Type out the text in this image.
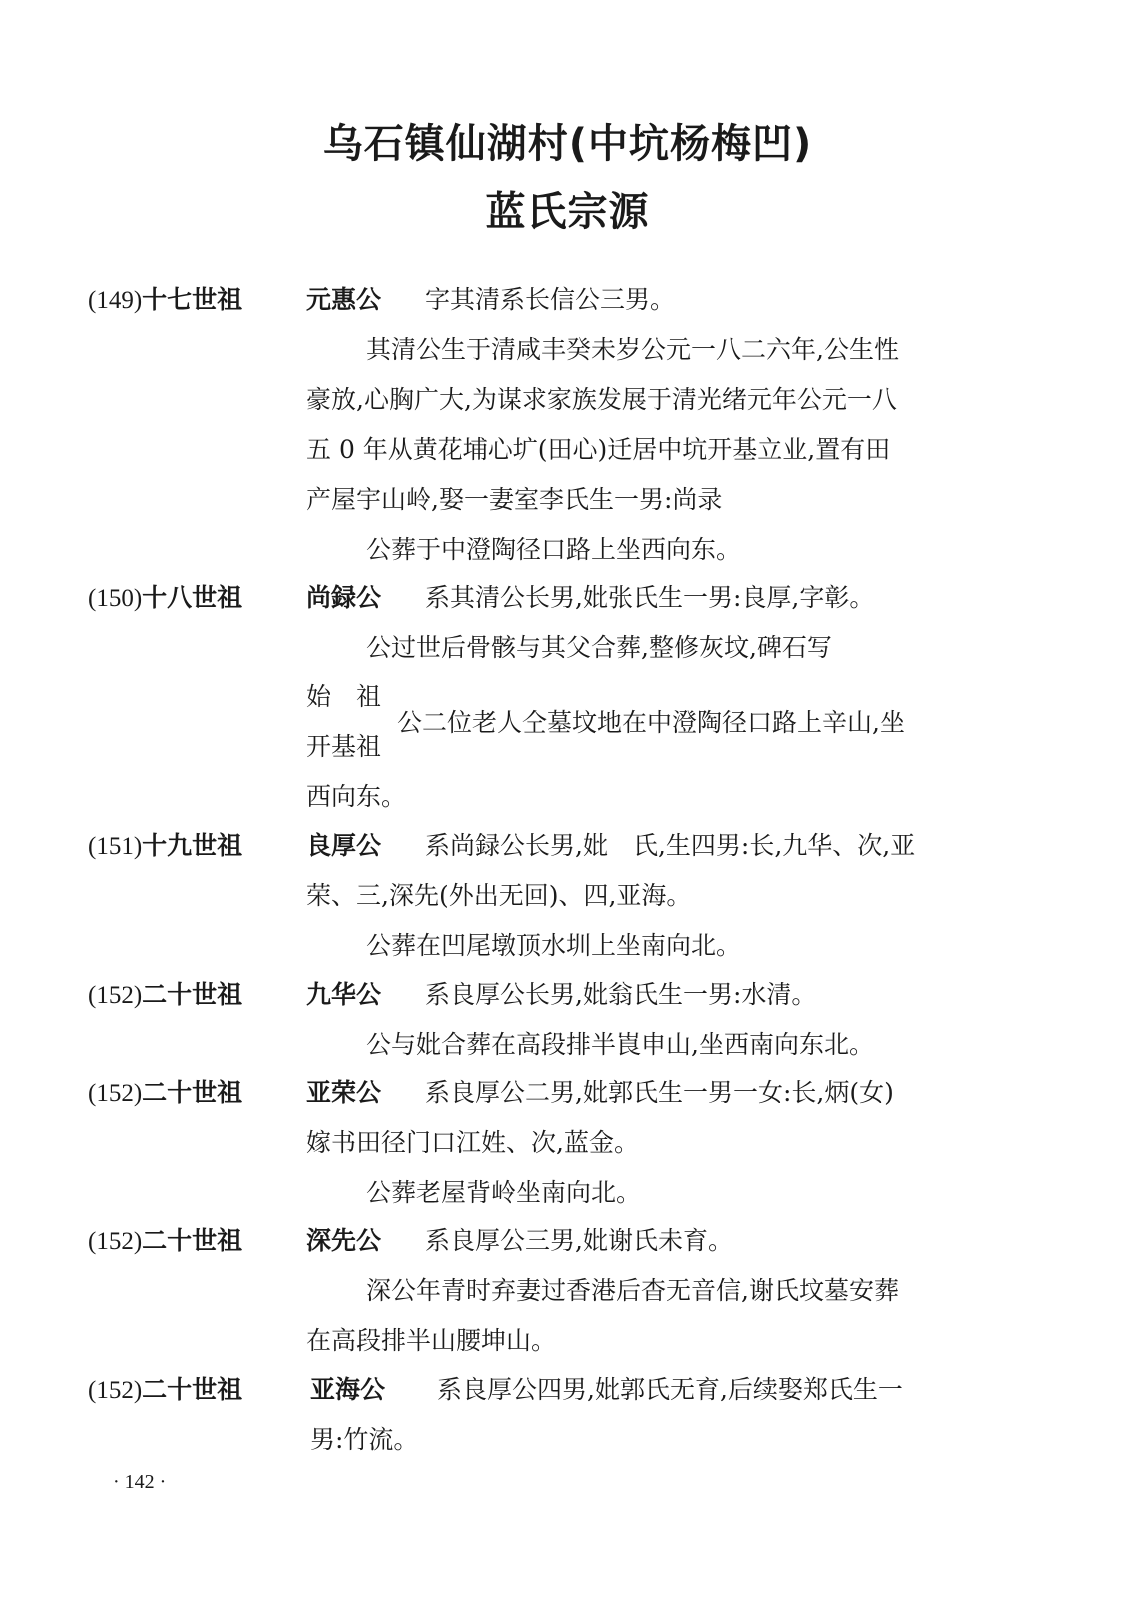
乌石镇仙湖村(中坑杨梅凹)
蓝氏宗源
(149)十七世祖	元惠公 字其清系长信公三男。
其清公生于清咸丰癸未岁公元一八二六年,公生性
豪放,心胸广大,为谋求家族发展于清光绪元年公元一八
五 0 年从黄花埔心圹(田心)迁居中坑开基立业,置有田
产屋宇山岭,娶一妻室李氏生一男:尚录
公葬于中澄陶径口路上坐西向东。
(150)十八世祖	尚録公 系其清公长男,妣张氏生一男:良厚,字彰。
公过世后骨骸与其父合葬,整修灰坟,碑石写
始　祖
开基祖
公二位老人仝墓坟地在中澄陶径口路上辛山,坐
西向东。
(151)十九世祖	良厚公 系尚録公长男,妣　氏,生四男:长,九华、次,亚
荣、三,深先(外出无回)、四,亚海。
公葬在凹尾墩顶水圳上坐南向北。
(152)二十世祖	九华公 系良厚公长男,妣翁氏生一男:水清。
公与妣合葬在高段排半崀申山,坐西南向东北。
(152)二十世祖	亚荣公 系良厚公二男,妣郭氏生一男一女:长,炳(女)
嫁书田径门口江姓、次,蓝金。
公葬老屋背岭坐南向北。
(152)二十世祖	深先公 系良厚公三男,妣谢氏未育。
深公年青时弃妻过香港后杳无音信,谢氏坟墓安葬
在高段排半山腰坤山。
(152)二十世祖	亚海公 系良厚公四男,妣郭氏无育,后续娶郑氏生一
男:竹流。
· 142 ·
